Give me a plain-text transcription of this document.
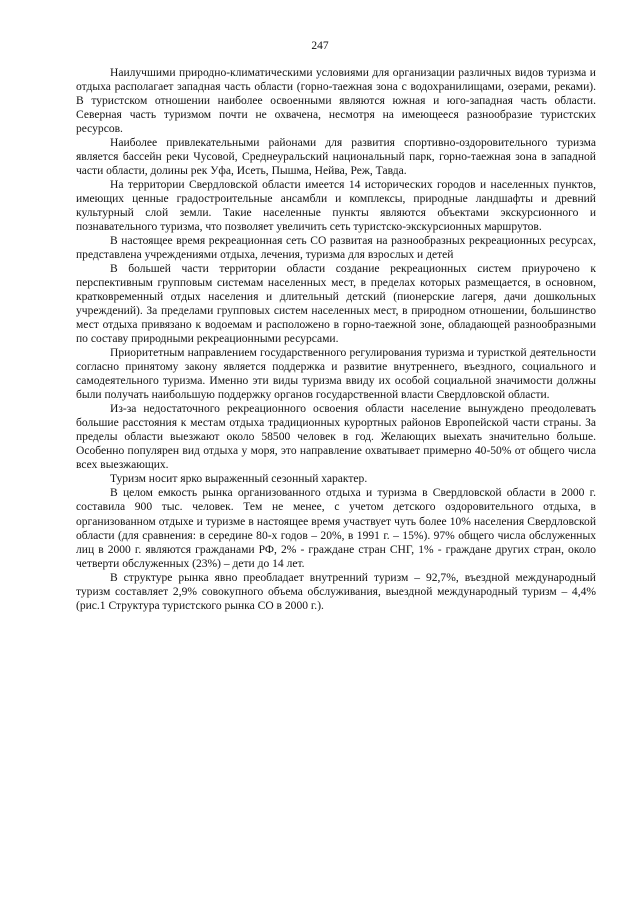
247

Наилучшими природно-климатическими условиями для организации различных видов туризма и отдыха располагает западная часть области (горно-таежная зона с водохранилищами, озерами, реками). В туристском отношении наиболее освоенными являются южная и юго-западная часть области. Северная часть туризмом почти не охвачена, несмотря на имеющееся разнообразие туристских ресурсов.

Наиболее привлекательными районами для развития спортивно-оздоровительного туризма является бассейн реки Чусовой, Среднеуральский национальный парк, горно-таежная зона в западной части области, долины рек Уфа, Исеть, Пышма, Нейва, Реж, Тавда.

На территории Свердловской области имеется 14 исторических городов и населенных пунктов, имеющих ценные градостроительные ансамбли и комплексы, природные ландшафты и древний культурный слой земли. Такие населенные пункты являются объектами экскурсионного и познавательного туризма, что позволяет увеличить сеть туристско-экскурсионных маршрутов.

В настоящее время рекреационная сеть СО развитая на разнообразных рекреационных ресурсах, представлена учреждениями отдыха, лечения, туризма для взрослых и детей

В большей части территории области создание рекреационных систем приурочено к перспективным групповым системам населенных мест, в пределах которых размещается, в основном, кратковременный отдых населения и длительный детский (пионерские лагеря, дачи дошкольных учреждений). За пределами групповых систем населенных мест, в природном отношении, большинство мест отдыха привязано к водоемам и расположено в горно-таежной зоне, обладающей разнообразными по составу природными рекреационными ресурсами.

Приоритетным направлением государственного регулирования туризма и туристкой деятельности согласно принятому закону является поддержка и развитие внутреннего, въездного, социального и самодеятельного туризма. Именно эти виды туризма ввиду их особой социальной значимости должны были получать наибольшую поддержку органов государственной власти Свердловской области.

Из-за недостаточного рекреационного освоения области население вынуждено преодолевать большие расстояния к местам отдыха традиционных курортных районов Европейской части страны. За пределы области выезжают около 58500 человек в год. Желающих выехать значительно больше. Особенно популярен вид отдыха у моря, это направление охватывает примерно 40-50% от общего числа всех выезжающих.

Туризм носит ярко выраженный сезонный характер.

В целом емкость рынка организованного отдыха и туризма в Свердловской области в 2000 г. составила 900 тыс. человек. Тем не менее, с учетом детского оздоровительного отдыха, в организованном отдыхе и туризме в настоящее время участвует чуть более 10% населения Свердловской области (для сравнения: в середине 80-х годов – 20%, в 1991 г. – 15%). 97% общего числа обслуженных лиц в 2000 г. являются гражданами РФ, 2% - граждане стран СНГ, 1% - граждане других стран, около четверти обслуженных (23%) – дети до 14 лет.

В структуре рынка явно преобладает внутренний туризм – 92,7%, въездной международный туризм составляет 2,9% совокупного объема обслуживания, выездной международный туризм – 4,4% (рис.1 Структура туристского рынка СО в 2000 г.).
